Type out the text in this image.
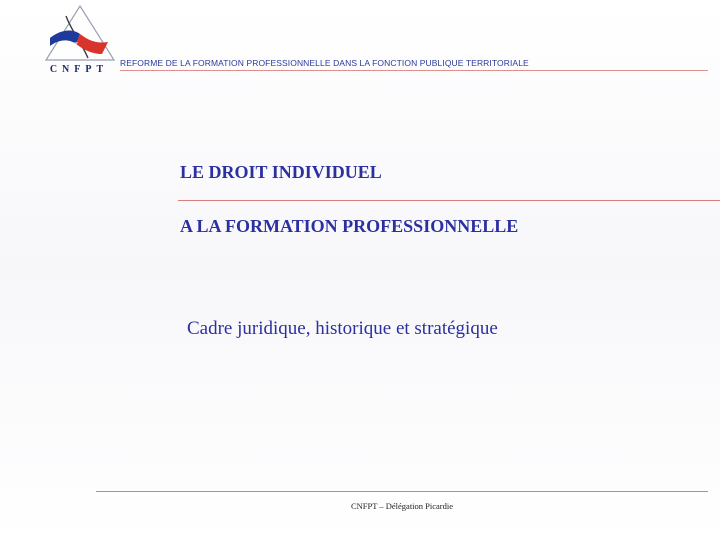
CNFPT
REFORME DE LA FORMATION PROFESSIONNELLE DANS LA FONCTION PUBLIQUE TERRITORIALE
LE DROIT INDIVIDUEL
A LA FORMATION PROFESSIONNELLE
Cadre juridique, historique et stratégique
CNFPT – Délégation Picardie
